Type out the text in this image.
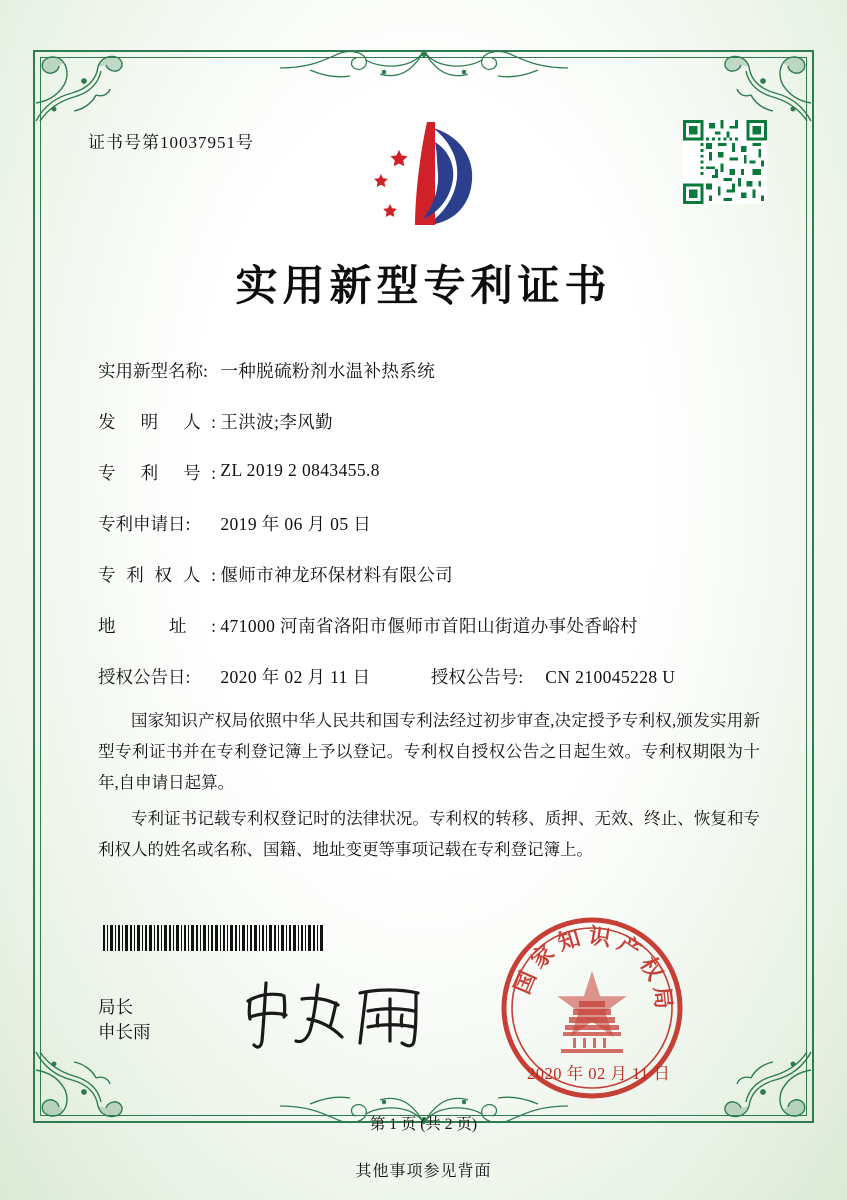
证书号第10037951号
实用新型专利证书
实用新型名称: 一种脱硫粉剂水温补热系统
发 明 人: 王洪波;李风勤
专 利 号: ZL 2019 2 0843455.8
专利申请日: 2019 年 06 月 05 日
专利权人: 偃师市神龙环保材料有限公司
地 址: 471000 河南省洛阳市偃师市首阳山街道办事处香峪村
授权公告日: 2020 年 02 月 11 日	授权公告号: CN 210045228 U

国家知识产权局依照中华人民共和国专利法经过初步审查,决定授予专利权,颁发实用新型专利证书并在专利登记簿上予以登记。专利权自授权公告之日起生效。专利权期限为十年,自申请日起算。

专利证书记载专利权登记时的法律状况。专利权的转移、质押、无效、终止、恢复和专利权人的姓名或名称、国籍、地址变更等事项记载在专利登记簿上。

局长
申长雨
国家知识产权局
2020 年 02 月 11 日
第 1 页 (共 2 页)
其他事项参见背面
